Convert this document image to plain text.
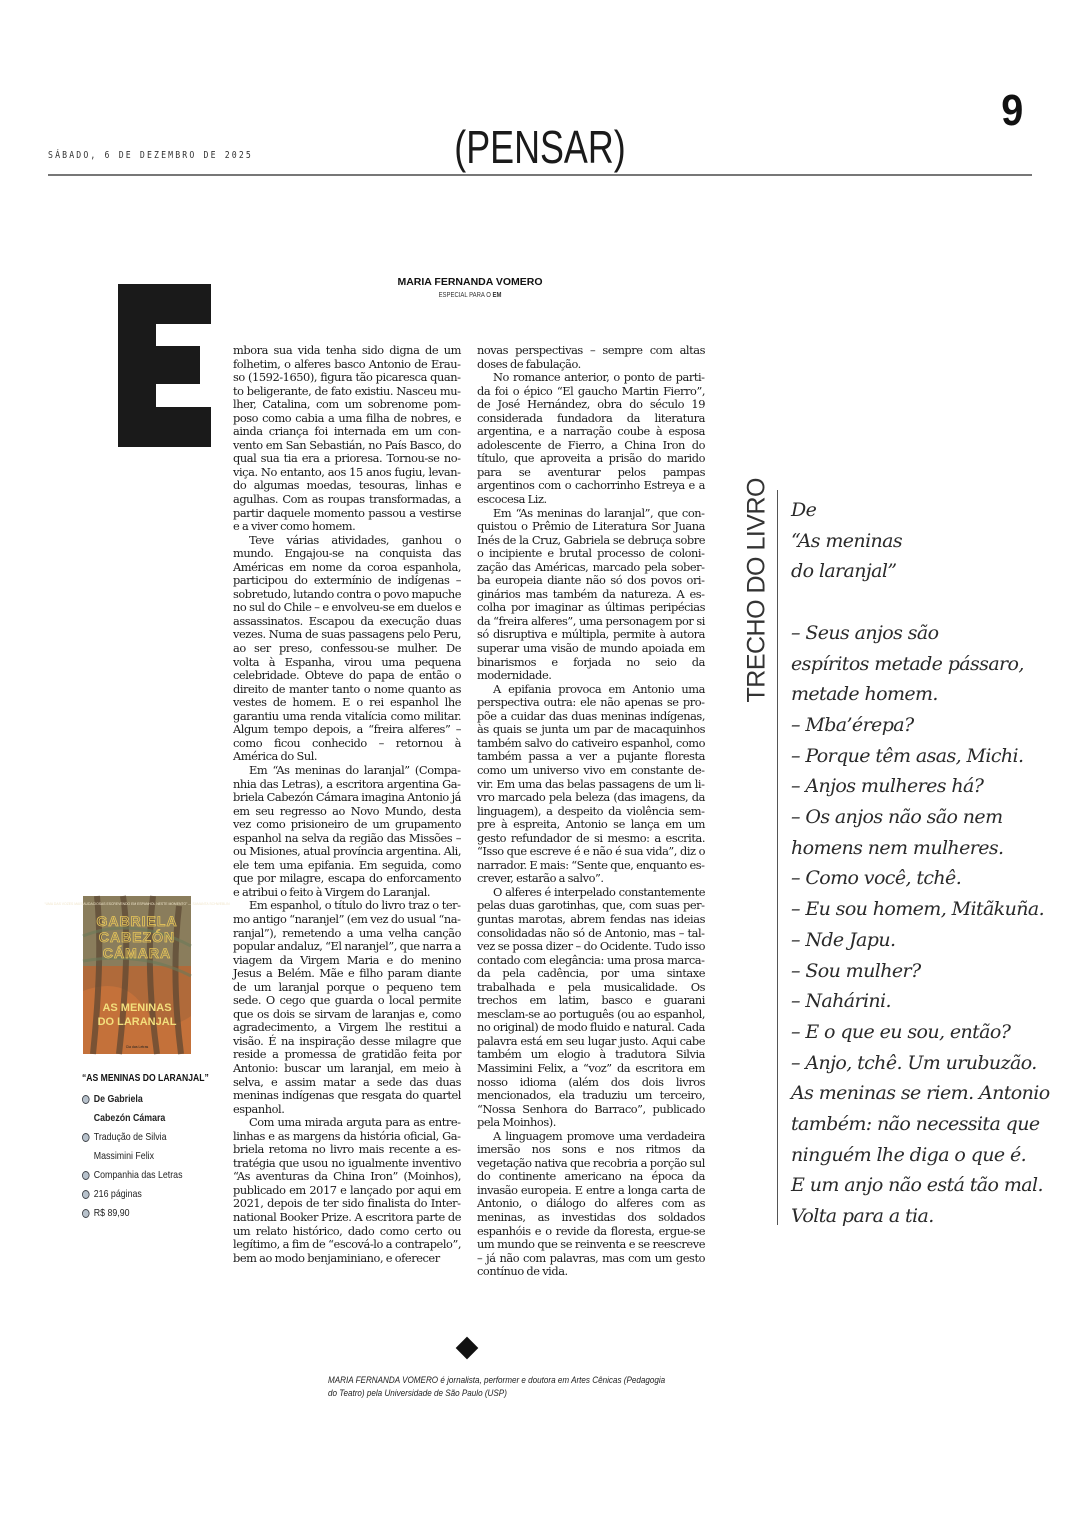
SÁBADO, 6 DE DEZEMBRO DE 2025	(PENSAR)
9
MARIA FERNANDA VOMERO
ESPECIAL PARA O EM

mbora sua vida tenha sido digna de um folhetim, o alferes basco Antonio de Erauso (1592-1650), figura tão picaresca quanto beligerante, de fato existiu. Nasceu mulher, Catalina, com um sobrenome pomposo como cabia a uma filha de nobres, e ainda criança foi internada em um convento em San Sebastián, no País Basco, do qual sua tia era a prioresa. Tornou-se noviça. No entanto, aos 15 anos fugiu, levando algumas moedas, tesouras, linhas e agulhas. Com as roupas transformadas, a partir daquele momento passou a vestirse e a viver como homem.

Teve várias atividades, ganhou o mundo. Engajou-se na conquista das Américas em nome da coroa espanhola, participou do extermínio de indígenas – sobretudo, lutando contra o povo mapuche no sul do Chile – e envolveu-se em duelos e assassinatos. Escapou da execução duas vezes. Numa de suas passagens pelo Peru, ao ser preso, confessou-se mulher. De volta à Espanha, virou uma pequena celebridade. Obteve do papa de então o direito de manter tanto o nome quanto as vestes de homem. E o rei espanhol lhe garantiu uma renda vitalícia como militar. Algum tempo depois, a “freira alferes” – como ficou conhecido – retornou à América do Sul.

Em “As meninas do laranjal” (Companhia das Letras), a escritora argentina Gabriela Cabezón Cámara imagina Antonio já em seu regresso ao Novo Mundo, desta vez como prisioneiro de um grupamento espanhol na selva da região das Missões – ou Misiones, atual província argentina. Ali, ele tem uma epifania. Em seguida, como que por milagre, escapa do enforcamento e atribui o feito à Virgem do Laranjal.

Em espanhol, o título do livro traz o termo antigo “naranjel” (em vez do usual “naranjal”), remetendo a uma velha canção popular andaluz, “El naranjel”, que narra a viagem da Virgem Maria e do menino Jesus a Belém. Mãe e filho param diante de um laranjal porque o pequeno tem sede. O cego que guarda o local permite que os dois se sirvam de laranjas e, como agradecimento, a Virgem lhe restitui a visão. É na inspiração desse milagre que reside a promessa de gratidão feita por Antonio: buscar um laranjal, em meio à selva, e assim matar a sede das duas meninas indígenas que resgata do quartel espanhol.

Com uma mirada arguta para as entrelinhas e as margens da história oficial, Gabriela retoma no livro mais recente a estratégia que usou no igualmente inventivo “As aventuras da China Iron” (Moinhos), publicado em 2017 e lançado por aqui em 2021, depois de ter sido finalista do International Booker Prize. A escritora parte de um relato histórico, dado como certo ou legítimo, a fim de “escová-lo a contrapelo”, bem ao modo benjaminiano, e oferecer

novas perspectivas – sempre com altas doses de fabulação.

No romance anterior, o ponto de partida foi o épico “El gaucho Martin Fierro”, de José Hernández, obra do século 19 considerada fundadora da literatura argentina, e a narração coube à esposa adolescente de Fierro, a China Iron do título, que aproveita a prisão do marido para se aventurar pelos pampas argentinos com o cachorrinho Estreya e a escocesa Liz.

Em “As meninas do laranjal”, que conquistou o Prêmio de Literatura Sor Juana Inés de la Cruz, Gabriela se debruça sobre o incipiente e brutal processo de colonização das Américas, marcado pela soberba europeia diante não só dos povos originários mas também da natureza. A escolha por imaginar as últimas peripécias da “freira alferes”, uma personagem por si só disruptiva e múltipla, permite à autora superar uma visão de mundo apoiada em binarismos e forjada no seio da modernidade.

A epifania provoca em Antonio uma perspectiva outra: ele não apenas se propõe a cuidar das duas meninas indígenas, às quais se junta um par de macaquinhos também salvo do cativeiro espanhol, como também passa a ver a pujante floresta como um universo vivo em constante devir. Em uma das belas passagens de um livro marcado pela beleza (das imagens, da linguagem), a despeito da violência sempre à espreita, Antonio se lança em um gesto refundador de si mesmo: a escrita. “Isso que escreve é e não é sua vida”, diz o narrador. E mais: “Sente que, enquanto escrever, estarão a salvo”.

O alferes é interpelado constantemente pelas duas garotinhas, que, com suas perguntas marotas, abrem fendas nas ideias consolidadas não só de Antonio, mas – talvez se possa dizer – do Ocidente. Tudo isso contado com elegância: uma prosa marcada pela cadência, por uma sintaxe trabalhada e pela musicalidade. Os trechos em latim, basco e guarani mesclam-se ao português (ou ao espanhol, no original) de modo fluido e natural. Cada palavra está em seu lugar justo. Aqui cabe também um elogio à tradutora Silvia Massimini Felix, a “voz” da escritora em nosso idioma (além dos dois livros mencionados, ela traduziu um terceiro, “Nossa Senhora do Barraco”, publicado pela Moinhos).

A linguagem promove uma verdadeira imersão nos sons e nos ritmos da vegetação nativa que recobria a porção sul do continente americano na época da invasão europeia. E entre a longa carta de Antonio, o diálogo do alferes com as meninas, as investidas dos soldados espanhóis e o revide da floresta, ergue-se um mundo que se reinventa e se reescreve – já não com palavras, mas com um gesto contínuo de vida.

“UMA DAS VOZES MAIS AUDACIOSAS ESCREVENDO EM ESPANHOL NESTE MOMENTO” — SAMANTA SCHWEBLIN
GABRIELA
CABEZÓN
CÁMARA
AS MENINAS
DO LARANJAL
Cia das Letras
“AS MENINAS DO LARANJAL”
De Gabriela
Cabezón Cámara
Tradução de Silvia
Massimini Felix
Companhia das Letras
216 páginas
R$ 89,90
TRECHO DO LIVRO De
“As meninas
do laranjal”
– Seus anjos são
espíritos metade pássaro,
metade homem.
– Mba’érepa?
– Porque têm asas, Michi.
– Anjos mulheres há?
– Os anjos não são nem
homens nem mulheres.
– Como você, tchê.
– Eu sou homem, Mitãkuña.
– Nde Japu.
– Sou mulher?
– Nahárini.
– E o que eu sou, então?
– Anjo, tchê. Um urubuzão.
As meninas se riem. Antonio
também: não necessita que
ninguém lhe diga o que é.
E um anjo não está tão mal.
Volta para a tia.
MARIA FERNANDA VOMERO é jornalista, performer e doutora em Artes Cênicas (Pedagogia do Teatro) pela Universidade de São Paulo (USP)
